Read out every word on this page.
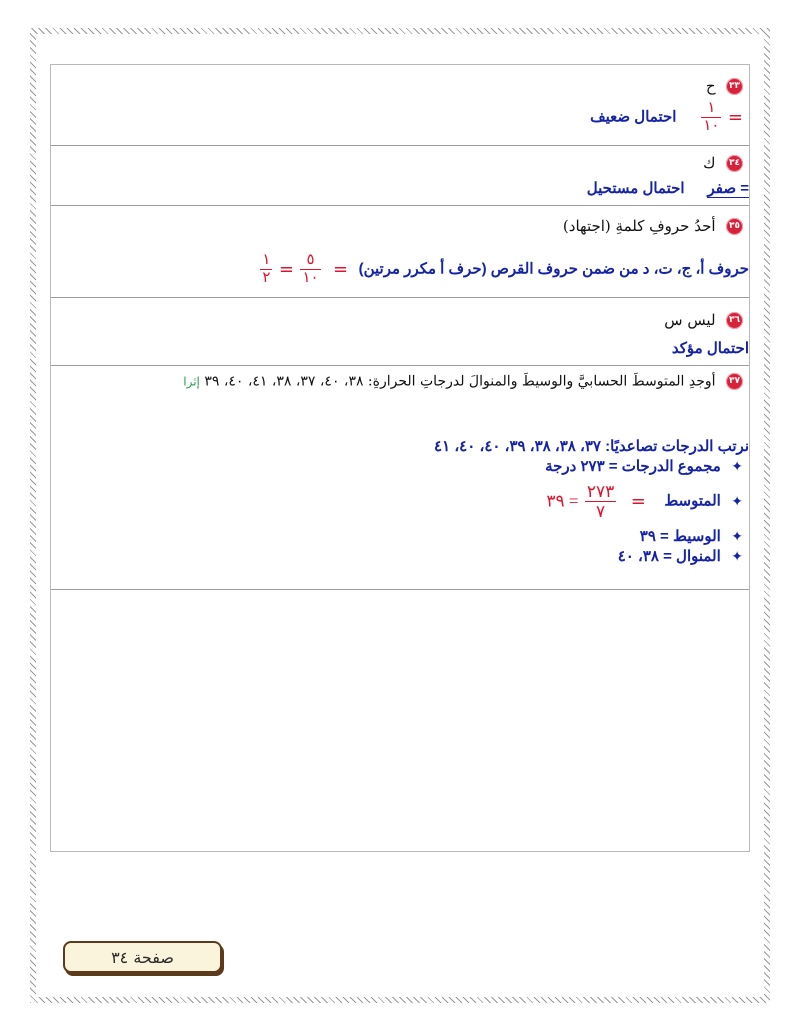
٣٣ ح
=
$\frac{١}{١٠}$
احتمال ضعيف
٣٤ ك
= صفر  احتمال مستحيل
٣٥ أحدُ حروفِ كلمةِ (اجتهاد)
حروف أ، ج، ت، د من ضمن حروف القرص (حرف أ مكرر مرتين) =
$\frac{٥}{١٠}$
=
$\frac{١}{٢}$
٣٦ ليس س
احتمال مؤكد
٣٧ أوجدِ المتوسطَ الحسابيَّ والوسيطَ والمنوالَ لدرجاتِ الحرارةِ: ٣٨، ٤٠، ٣٧، ٣٨، ٤١، ٤٠، ٣٩ إثرا
نرتب الدرجات تصاعديًا: ٣٧، ٣٨، ٣٨، ٣٩، ٤٠، ٤٠، ٤١
✦ مجموع الدرجات = ٢٧٣ درجة
✦ المتوسط =
$\frac{٢٧٣}{٧}$
= ٣٩
✦ الوسيط = ٣٩
✦ المنوال = ٣٨، ٤٠
صفحة ٣٤
